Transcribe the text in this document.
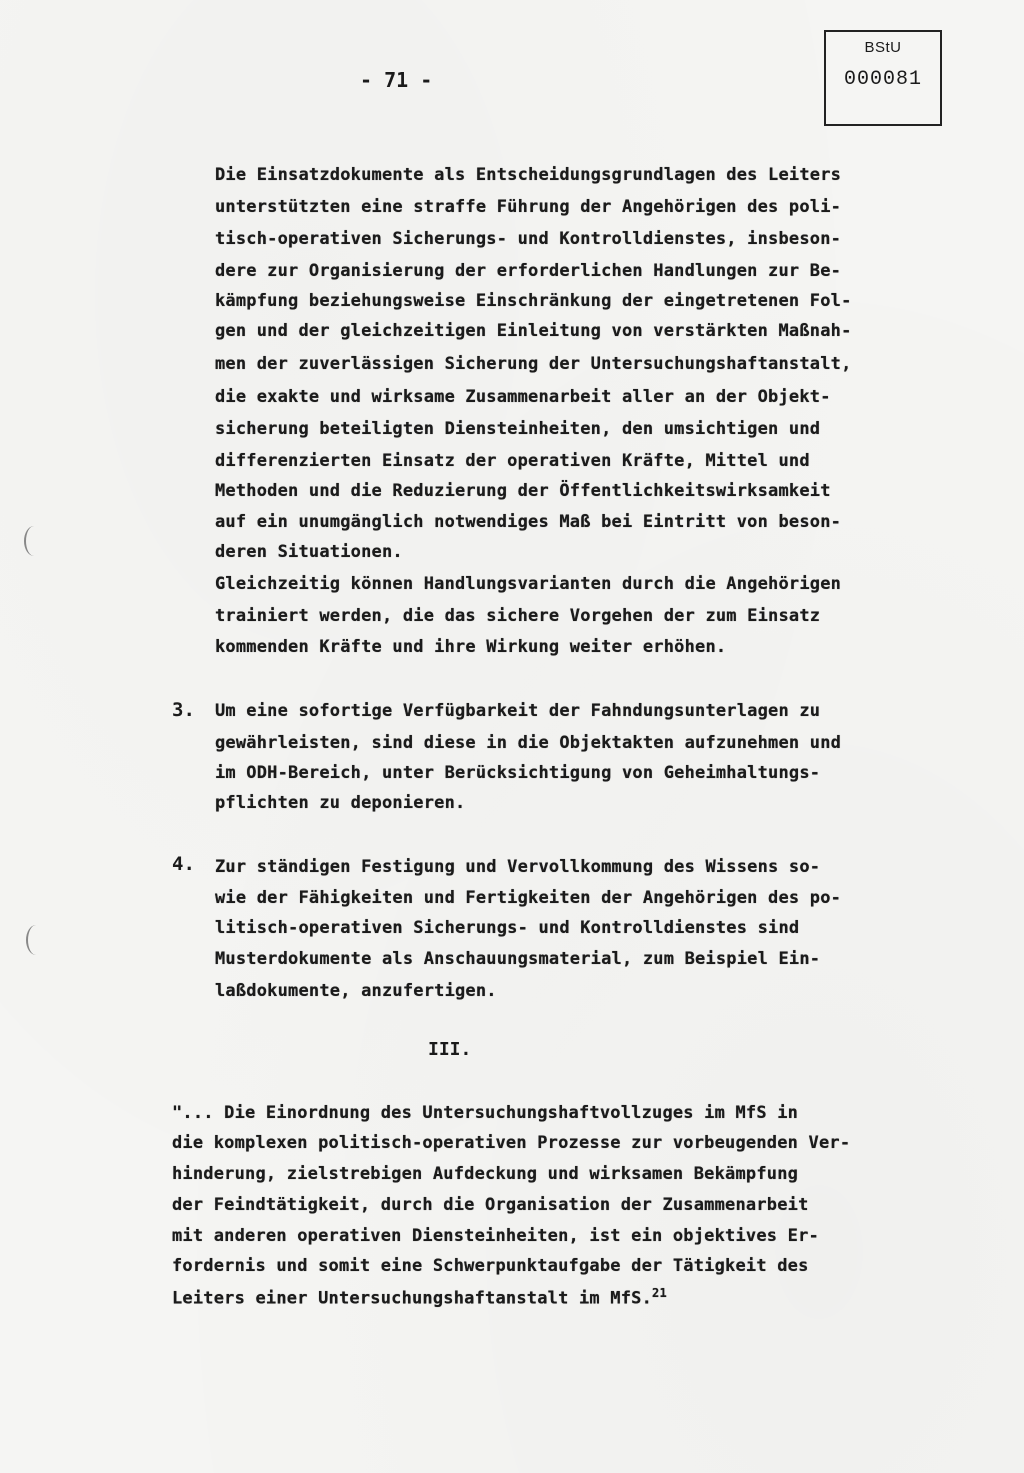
BStU
000081
- 71 -
Die Einsatzdokumente als Entscheidungsgrundlagen des Leiters
unterstützten eine straffe Führung der Angehörigen des poli-
tisch-operativen Sicherungs- und Kontrolldienstes, insbeson-
dere zur Organisierung der erforderlichen Handlungen zur Be-
kämpfung beziehungsweise Einschränkung der eingetretenen Fol-
gen und der gleichzeitigen Einleitung von verstärkten Maßnah-
men der zuverlässigen Sicherung der Untersuchungshaftanstalt,
die exakte und wirksame Zusammenarbeit aller an der Objekt-
sicherung beteiligten Diensteinheiten, den umsichtigen und
differenzierten Einsatz der operativen Kräfte, Mittel und
Methoden und die Reduzierung der Öffentlichkeitswirksamkeit
auf ein unumgänglich notwendiges Maß bei Eintritt von beson-
deren Situationen.
Gleichzeitig können Handlungsvarianten durch die Angehörigen
trainiert werden, die das sichere Vorgehen der zum Einsatz
kommenden Kräfte und ihre Wirkung weiter erhöhen.
3. Um eine sofortige Verfügbarkeit der Fahndungsunterlagen zu
gewährleisten, sind diese in die Objektakten aufzunehmen und
im ODH-Bereich, unter Berücksichtigung von Geheimhaltungs-
pflichten zu deponieren.
4. Zur ständigen Festigung und Vervollkommung des Wissens so-
wie der Fähigkeiten und Fertigkeiten der Angehörigen des po-
litisch-operativen Sicherungs- und Kontrolldienstes sind
Musterdokumente als Anschauungsmaterial, zum Beispiel Ein-
laßdokumente, anzufertigen.
III.
"... Die Einordnung des Untersuchungshaftvollzuges im MfS in
die komplexen politisch-operativen Prozesse zur vorbeugenden Ver-
hinderung, zielstrebigen Aufdeckung und wirksamen Bekämpfung
der Feindtätigkeit, durch die Organisation der Zusammenarbeit
mit anderen operativen Diensteinheiten, ist ein objektives Er-
fordernis und somit eine Schwerpunktaufgabe der Tätigkeit des
Leiters einer Untersuchungshaftanstalt im MfS.$^{21}$
